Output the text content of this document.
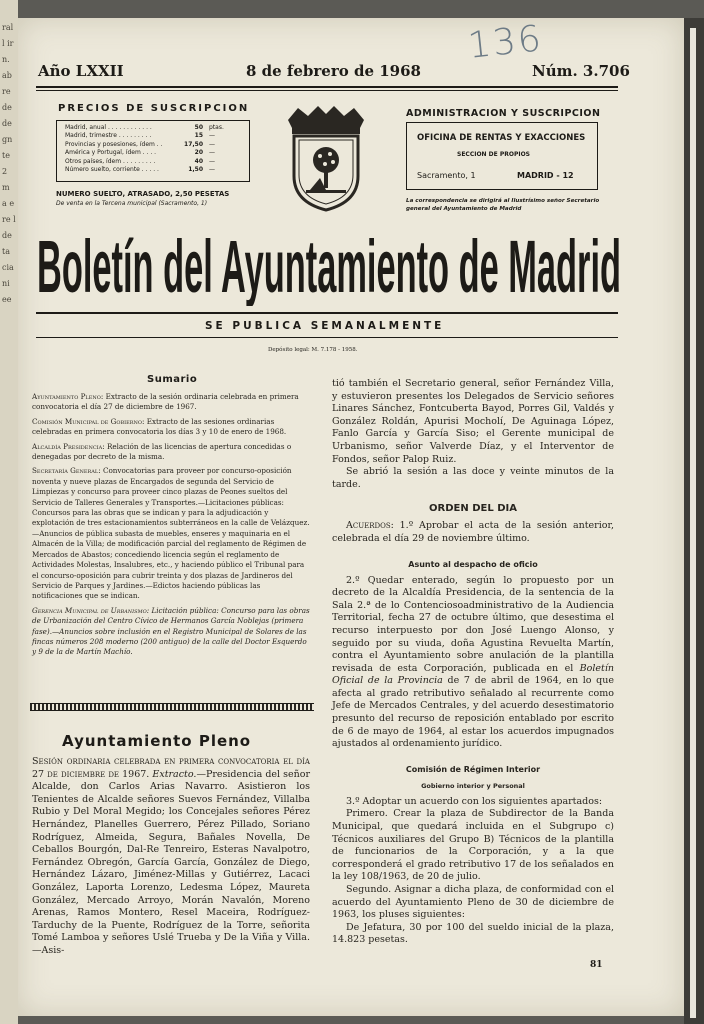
ral l ir n. ab re de de gn te 2 m a e re l de ta cia ni ee
136
Año LXXII	8 de febrero de 1968	Núm. 3.706
PRECIOS DE SUSCRIPCION
Madrid, anual . . . . . . . . . . . .	50 ptas.
Madrid, trimestre . . . . . . . . .	15 —
Provincias y posesiones, ídem . .	17,50 —
América y Portugal, ídem . . . .	20 —
Otros países, ídem . . . . . . . . .	40 —
Número suelto, corriente . . . . .	1,50 —
NUMERO SUELTO, ATRASADO, 2,50 PESETAS
De venta en la Tercena municipal (Sacramento, 1)
ADMINISTRACION Y SUSCRIPCION
OFICINA DE RENTAS Y EXACCIONES
SECCION DE PROPIOS
Sacramento, 1	MADRID - 12
La correspondencia se dirigirá al Ilustrísimo señor Secretario general del Ayuntamiento de Madrid
Boletín del Ayuntamiento de Madrid
SE PUBLICA SEMANALMENTE
Depósito legal: M. 7.178 - 1958.
Sumario

Ayuntamiento Pleno: Extracto de la sesión ordinaria celebrada en primera convocatoria el día 27 de diciembre de 1967.

Comisión Municipal de Gobierno: Extracto de las sesiones ordinarias celebradas en primera convocatoria los días 3 y 10 de enero de 1968.

Alcaldía Presidencia: Relación de las licencias de apertura concedidas o denegadas por decreto de la misma.

Secretaría General: Convocatorias para proveer por concurso-oposición noventa y nueve plazas de Encargados de segunda del Servicio de Limpiezas y concurso para proveer cinco plazas de Peones sueltos del Servicio de Talleres Generales y Transportes.—Licitaciones públicas: Concursos para las obras que se indican y para la adjudicación y explotación de tres estacionamientos subterráneos en la calle de Velázquez.—Anuncios de pública subasta de muebles, enseres y maquinaria en el Almacén de la Villa; de modificación parcial del reglamento de Régimen de Mercados de Abastos; concediendo licencia según el reglamento de Actividades Molestas, Insalubres, etc., y haciendo público el Tribunal para el concurso-oposición para cubrir treinta y dos plazas de Jardineros del Servicio de Parques y Jardines.—Edictos haciendo públicas las notificaciones que se indican.

Gerencia Municipal de Urbanismo: Licitación pública: Concurso para las obras de Urbanización del Centro Cívico de Hermanos García Noblejas (primera fase).—Anuncios sobre inclusión en el Registro Municipal de Solares de las fincas números 208 moderno (200 antiguo) de la calle del Doctor Esquerdo y 9 de la de Martín Machío.

Ayuntamiento Pleno

Sesión ordinaria celebrada en primera convocatoria el día 27 de diciembre de 1967. Extracto.—Presidencia del señor Alcalde, don Carlos Arias Navarro. Asistieron los Tenientes de Alcalde señores Suevos Fernández, Villalba Rubio y Del Moral Megido; los Concejales señores Pérez Hernández, Planelles Guerrero, Pérez Pillado, Soriano Rodríguez, Almeida, Segura, Bañales Novella, De Ceballos Bourgón, Dal-Re Tenreiro, Esteras Navalpotro, Fernández Obregón, García García, González de Diego, Hernández Lázaro, Jiménez-Millas y Gutiérrez, Lacaci González, Laporta Lorenzo, Ledesma López, Maureta González, Mercado Arroyo, Morán Navalón, Moreno Arenas, Ramos Montero, Resel Maceira, Rodríguez-Tarduchy de la Puente, Rodríguez de la Torre, señorita Tomé Lamboa y señores Uslé Trueba y De la Viña y Villa.—Asis-

tió también el Secretario general, señor Fernández Villa, y estuvieron presentes los Delegados de Servicio señores Linares Sánchez, Fontcuberta Bayod, Porres Gil, Valdés y González Roldán, Apurisi Mocholí, De Aguinaga López, Fanlo García y García Siso; el Gerente municipal de Urbanismo, señor Valverde Díaz, y el Interventor de Fondos, señor Palop Ruiz.

Se abrió la sesión a las doce y veinte minutos de la tarde.

ORDEN DEL DIA

Acuerdos: 1.º Aprobar el acta de la sesión anterior, celebrada el día 29 de noviembre último.

Asunto al despacho de oficio

2.º Quedar enterado, según lo propuesto por un decreto de la Alcaldía Presidencia, de la sentencia de la Sala 2.ª de lo Contenciosoadministrativo de la Audiencia Territorial, fecha 27 de octubre último, que desestima el recurso interpuesto por don José Luengo Alonso, y seguido por su viuda, doña Agustina Revuelta Martín, contra el Ayuntamiento sobre anulación de la plantilla revisada de esta Corporación, publicada en el Boletín Oficial de la Provincia de 7 de abril de 1964, en lo que afecta al grado retributivo señalado al recurrente como Jefe de Mercados Centrales, y del acuerdo desestimatorio presunto del recurso de reposición entablado por escrito de 6 de mayo de 1964, al estar los acuerdos impugnados ajustados al ordenamiento jurídico.

Comisión de Régimen Interior

Gobierno interior y Personal

3.º Adoptar un acuerdo con los siguientes apartados:

Primero. Crear la plaza de Subdirector de la Banda Municipal, que quedará incluida en el Subgrupo c) Técnicos auxiliares del Grupo B) Técnicos de la plantilla de funcionarios de la Corporación, y a la que corresponderá el grado retributivo 17 de los señalados en la ley 108/1963, de 20 de julio.

Segundo. Asignar a dicha plaza, de conformidad con el acuerdo del Ayuntamiento Pleno de 30 de diciembre de 1963, los pluses siguientes:

De Jefatura, 30 por 100 del sueldo inicial de la plaza, 14.823 pesetas.

81
